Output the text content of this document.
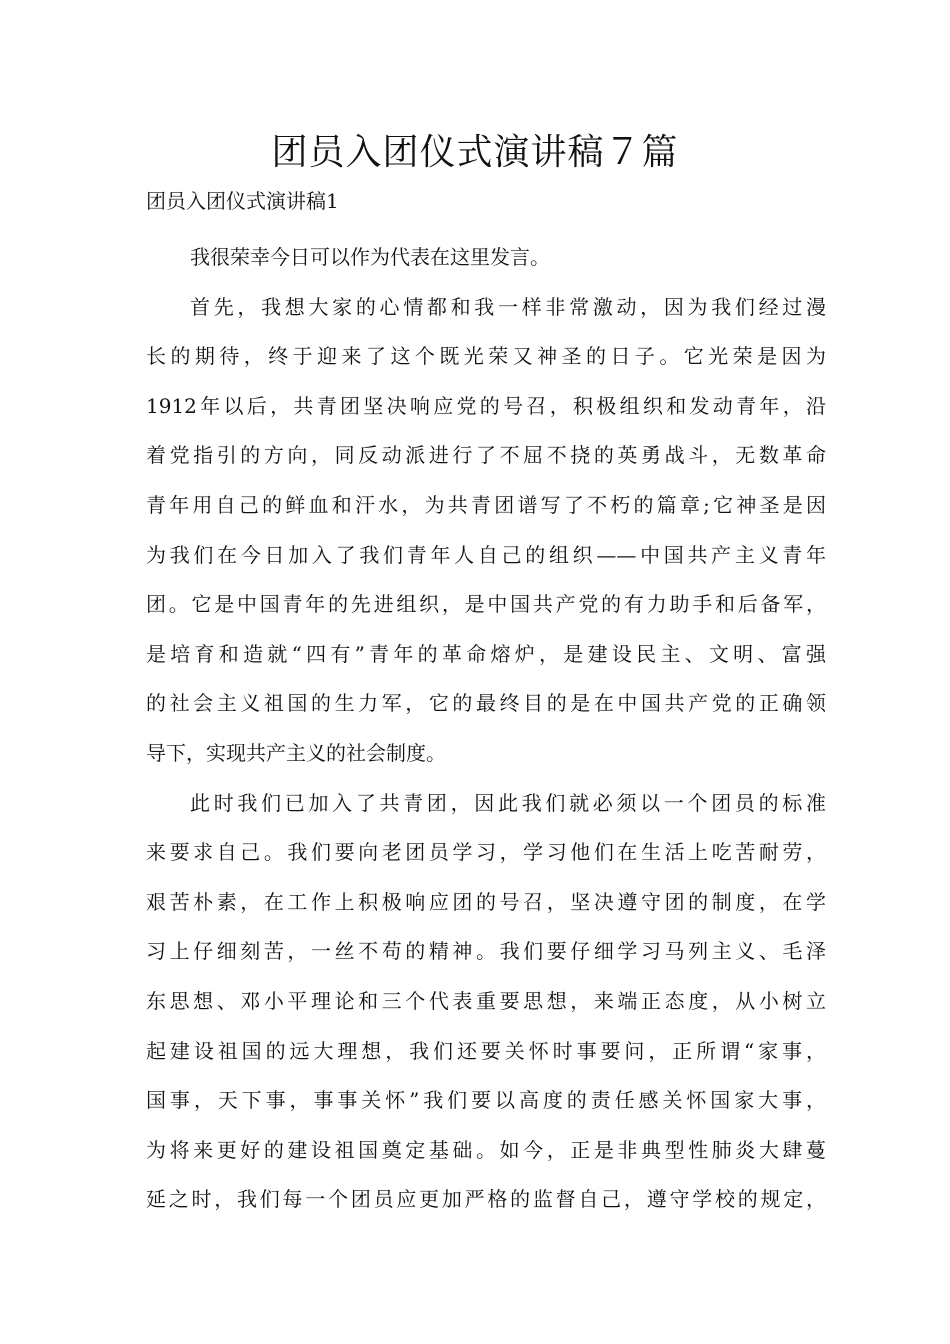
团员入团仪式演讲稿７篇

团员入团仪式演讲稿1

我很荣幸今日可以作为代表在这里发言。
首先，我想大家的心情都和我一样非常激动，因为我们经过漫
长的期待，终于迎来了这个既光荣又神圣的日子。它光荣是因为
1912年以后，共青团坚决响应党的号召，积极组织和发动青年，沿
着党指引的方向，同反动派进行了不屈不挠的英勇战斗，无数革命
青年用自己的鲜血和汗水，为共青团谱写了不朽的篇章;它神圣是因
为我们在今日加入了我们青年人自己的组织——中国共产主义青年
团。它是中国青年的先进组织，是中国共产党的有力助手和后备军，
是培育和造就“四有”青年的革命熔炉，是建设民主、文明、富强
的社会主义祖国的生力军，它的最终目的是在中国共产党的正确领
导下，实现共产主义的社会制度。
此时我们已加入了共青团，因此我们就必须以一个团员的标准
来要求自己。我们要向老团员学习，学习他们在生活上吃苦耐劳，
艰苦朴素，在工作上积极响应团的号召，坚决遵守团的制度，在学
习上仔细刻苦，一丝不苟的精神。我们要仔细学习马列主义、毛泽
东思想、邓小平理论和三个代表重要思想，来端正态度，从小树立
起建设祖国的远大理想，我们还要关怀时事要问，正所谓“家事，
国事，天下事，事事关怀”我们要以高度的责任感关怀国家大事，
为将来更好的建设祖国奠定基础。如今，正是非典型性肺炎大肆蔓
延之时，我们每一个团员应更加严格的监督自己，遵守学校的规定，
